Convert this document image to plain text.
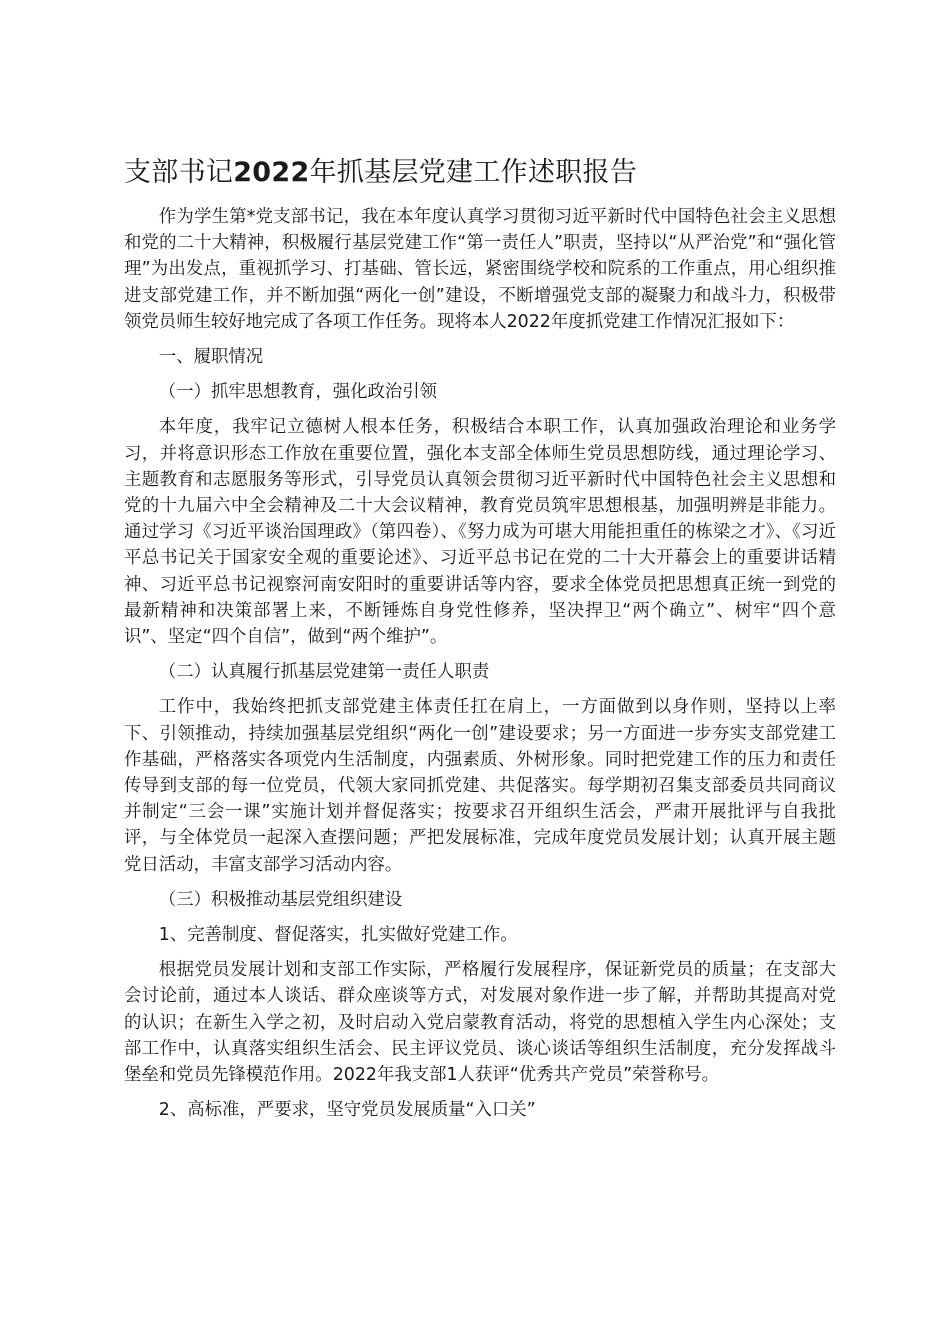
支部书记2022年抓基层党建工作述职报告

作为学生第*党支部书记，我在本年度认真学习贯彻习近平新时代中国特色社会主义思想和党的二十大精神，积极履行基层党建工作“第一责任人”职责，坚持以“从严治党”和“强化管理”为出发点，重视抓学习、打基础、管长远，紧密围绕学校和院系的工作重点，用心组织推进支部党建工作，并不断加强“两化一创”建设，不断增强党支部的凝聚力和战斗力，积极带领党员师生较好地完成了各项工作任务。现将本人2022年度抓党建工作情况汇报如下：

一、履职情况

（一）抓牢思想教育，强化政治引领

本年度，我牢记立德树人根本任务，积极结合本职工作，认真加强政治理论和业务学习，并将意识形态工作放在重要位置，强化本支部全体师生党员思想防线，通过理论学习、主题教育和志愿服务等形式，引导党员认真领会贯彻习近平新时代中国特色社会主义思想和党的十九届六中全会精神及二十大会议精神，教育党员筑牢思想根基，加强明辨是非能力。通过学习《习近平谈治国理政》（第四卷）、《努力成为可堪大用能担重任的栋梁之才》、《习近平总书记关于国家安全观的重要论述》、习近平总书记在党的二十大开幕会上的重要讲话精神、习近平总书记视察河南安阳时的重要讲话等内容，要求全体党员把思想真正统一到党的最新精神和决策部署上来，不断锤炼自身党性修养，坚决捍卫“两个确立”、树牢“四个意识”、坚定“四个自信”，做到“两个维护”。

（二）认真履行抓基层党建第一责任人职责

工作中，我始终把抓支部党建主体责任扛在肩上，一方面做到以身作则，坚持以上率下、引领推动，持续加强基层党组织“两化一创”建设要求；另一方面进一步夯实支部党建工作基础，严格落实各项党内生活制度，内强素质、外树形象。同时把党建工作的压力和责任传导到支部的每一位党员，代领大家同抓党建、共促落实。每学期初召集支部委员共同商议并制定“三会一课”实施计划并督促落实；按要求召开组织生活会，严肃开展批评与自我批评，与全体党员一起深入查摆问题；严把发展标准，完成年度党员发展计划；认真开展主题党日活动，丰富支部学习活动内容。

（三）积极推动基层党组织建设

1、完善制度、督促落实，扎实做好党建工作。

根据党员发展计划和支部工作实际，严格履行发展程序，保证新党员的质量；在支部大会讨论前，通过本人谈话、群众座谈等方式，对发展对象作进一步了解，并帮助其提高对党的认识；在新生入学之初，及时启动入党启蒙教育活动，将党的思想植入学生内心深处；支部工作中，认真落实组织生活会、民主评议党员、谈心谈话等组织生活制度，充分发挥战斗堡垒和党员先锋模范作用。2022年我支部1人获评“优秀共产党员”荣誉称号。

2、高标准，严要求，坚守党员发展质量“入口关”
